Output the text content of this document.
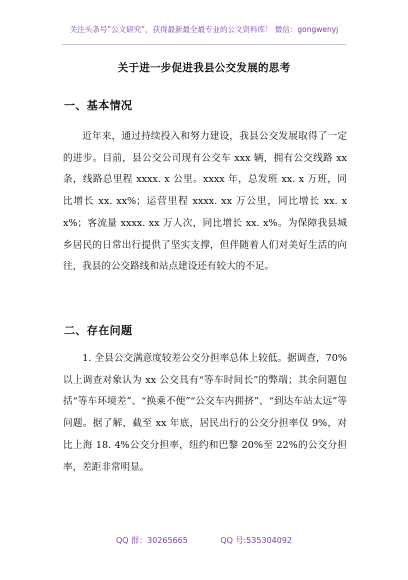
关注头条号“公文研究”，获得最新最全最专业的公文资料库！ 微信：gongwenyj
关于进一步促进我县公交发展的思考
一、基本情况

近年来，通过持续投入和努力建设，我县公交发展取得了一定的进步。目前，县公交公司现有公交车 xxx 辆，拥有公交线路 xx 条，线路总里程 xxxx. x 公里。xxxx 年，总发班 xx. x 万班，同比增长 xx. xx%；运营里程 xxxx. xx 万公里，同比增长 xx. xx%；客流量 xxxx. xx 万人次，同比增长 xx. x%。为保障我县城乡居民的日常出行提供了坚实支撑，但伴随着人们对美好生活的向往，我县的公交路线和站点建设还有较大的不足。

二、存在问题

1. 全县公交满意度较差公交分担率总体上较低。据调查，70%以上调查对象认为 xx 公交具有“等车时间长”的弊端；其余问题包括“等车环境差”、“换乘不便”“公交车内拥挤”、“到达车站太远”等问题。据了解，截至 xx 年底，居民出行的公交分担率仅 9%，对比上海 18. 4%公交分担率，纽约和巴黎 20%至 22%的公交分担率，差距非常明显。

QQ 群：30265665	QQ 号:535304092
